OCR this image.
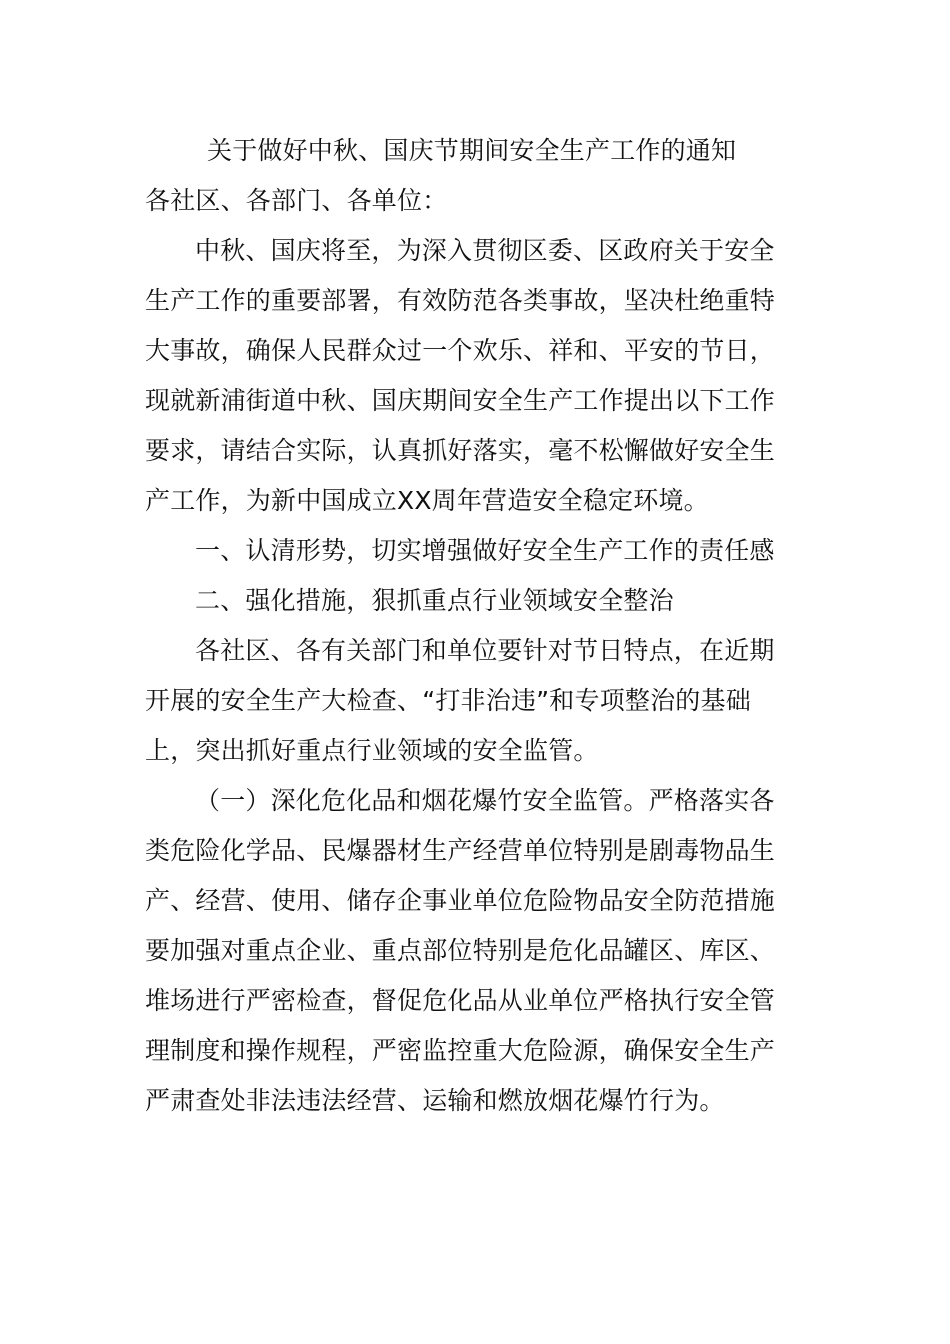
关于做好中秋、国庆节期间安全生产工作的通知
各社区、各部门、各单位：
中秋、国庆将至，为深入贯彻区委、区政府关于安全
生产工作的重要部署，有效防范各类事故，坚决杜绝重特
大事故，确保人民群众过一个欢乐、祥和、平安的节日，
现就新浦街道中秋、国庆期间安全生产工作提出以下工作
要求，请结合实际，认真抓好落实，毫不松懈做好安全生
产工作，为新中国成立XX周年营造安全稳定环境。
一、认清形势，切实增强做好安全生产工作的责任感
二、强化措施，狠抓重点行业领域安全整治
各社区、各有关部门和单位要针对节日特点，在近期
开展的安全生产大检查、“打非治违”和专项整治的基础
上，突出抓好重点行业领域的安全监管。
（一）深化危化品和烟花爆竹安全监管。严格落实各
类危险化学品、民爆器材生产经营单位特别是剧毒物品生
产、经营、使用、储存企事业单位危险物品安全防范措施
要加强对重点企业、重点部位特别是危化品罐区、库区、
堆场进行严密检查，督促危化品从业单位严格执行安全管
理制度和操作规程，严密监控重大危险源，确保安全生产
严肃查处非法违法经营、运输和燃放烟花爆竹行为。
